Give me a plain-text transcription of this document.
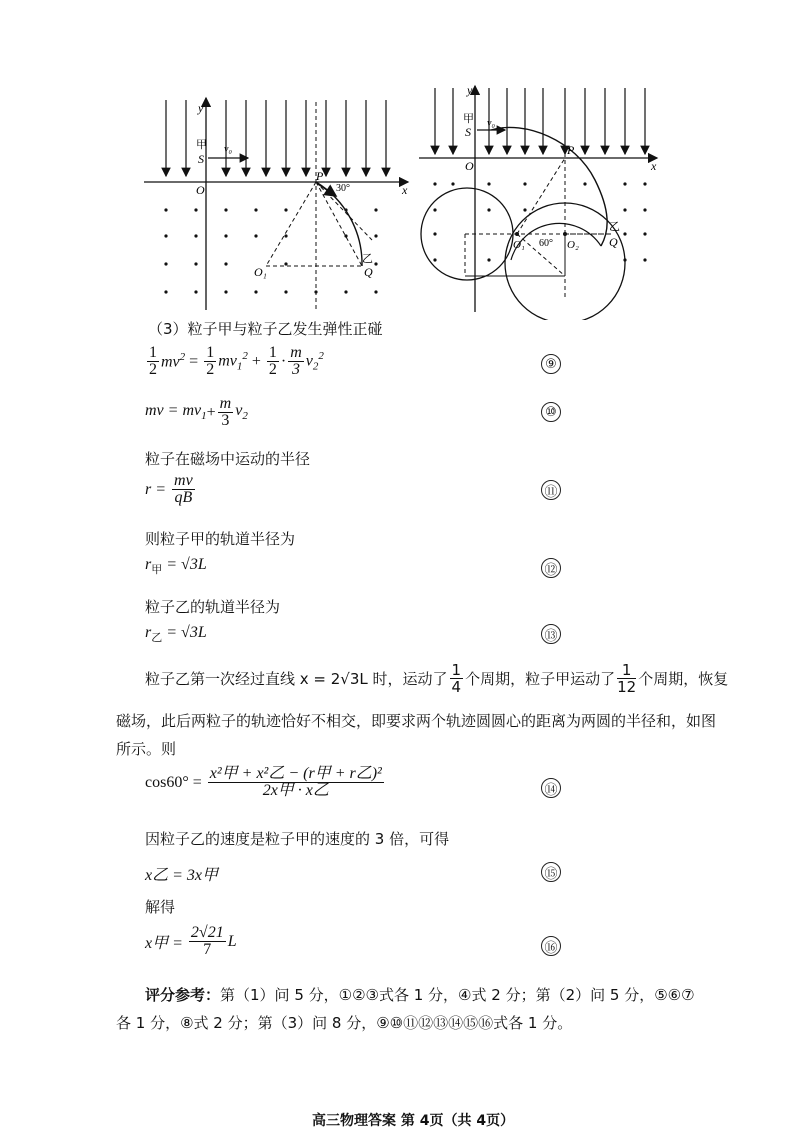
y
x
O
甲
S
v₀
P
30°
乙
Q
O₁
y
x
O
甲
S
v₀
P
乙
Q
O₁	O₂
60°
（3）粒子甲与粒子乙发生弹性正碰
$\frac{1}{2} mv^2 = \frac{1}{2} mv_1^2 + \frac{1}{2} \cdot \frac{m}{3} v_2^2$
⑨
mv = $mv_1 + \frac{m}{3} v_2$	⑩
粒子在磁场中运动的半径
$r = \frac{mv}{qB}$	⑪
则粒子甲的轨道半径为
$r_甲 = √3L$	⑫
粒子乙的轨道半径为
$r_乙 = √3L$	⑬
粒子乙第一次经过直线 x = 2√3L 时，运动了 $\frac{1}{4}$ 个周期，粒子甲运动了 $\frac{1}{12}$ 个周期，恢复
磁场，此后两粒子的轨迹恰好不相交，即要求两个轨迹圆圆心的距离为两圆的半径和，如图
所示。则
$\cos 60^\circ = \frac{\text{x²甲 + x²乙 − (r甲 + r乙)²}}{\text{2x甲 · x乙}}$	⑭
因粒子乙的速度是粒子甲的速度的 3 倍，可得
x乙 = 3x甲	⑮
解得
x甲 = $\frac{2√21}{7}$ L	⑯
评分参考：第（1）问 5 分，①②③式各 1 分，④式 2 分；第（2）问 5 分，⑤⑥⑦
各 1 分，⑧式 2 分；第（3）问 8 分，⑨⑩⑪⑫⑬⑭⑮⑯式各 1 分。
高三物理答案 第 4页（共 4页）
